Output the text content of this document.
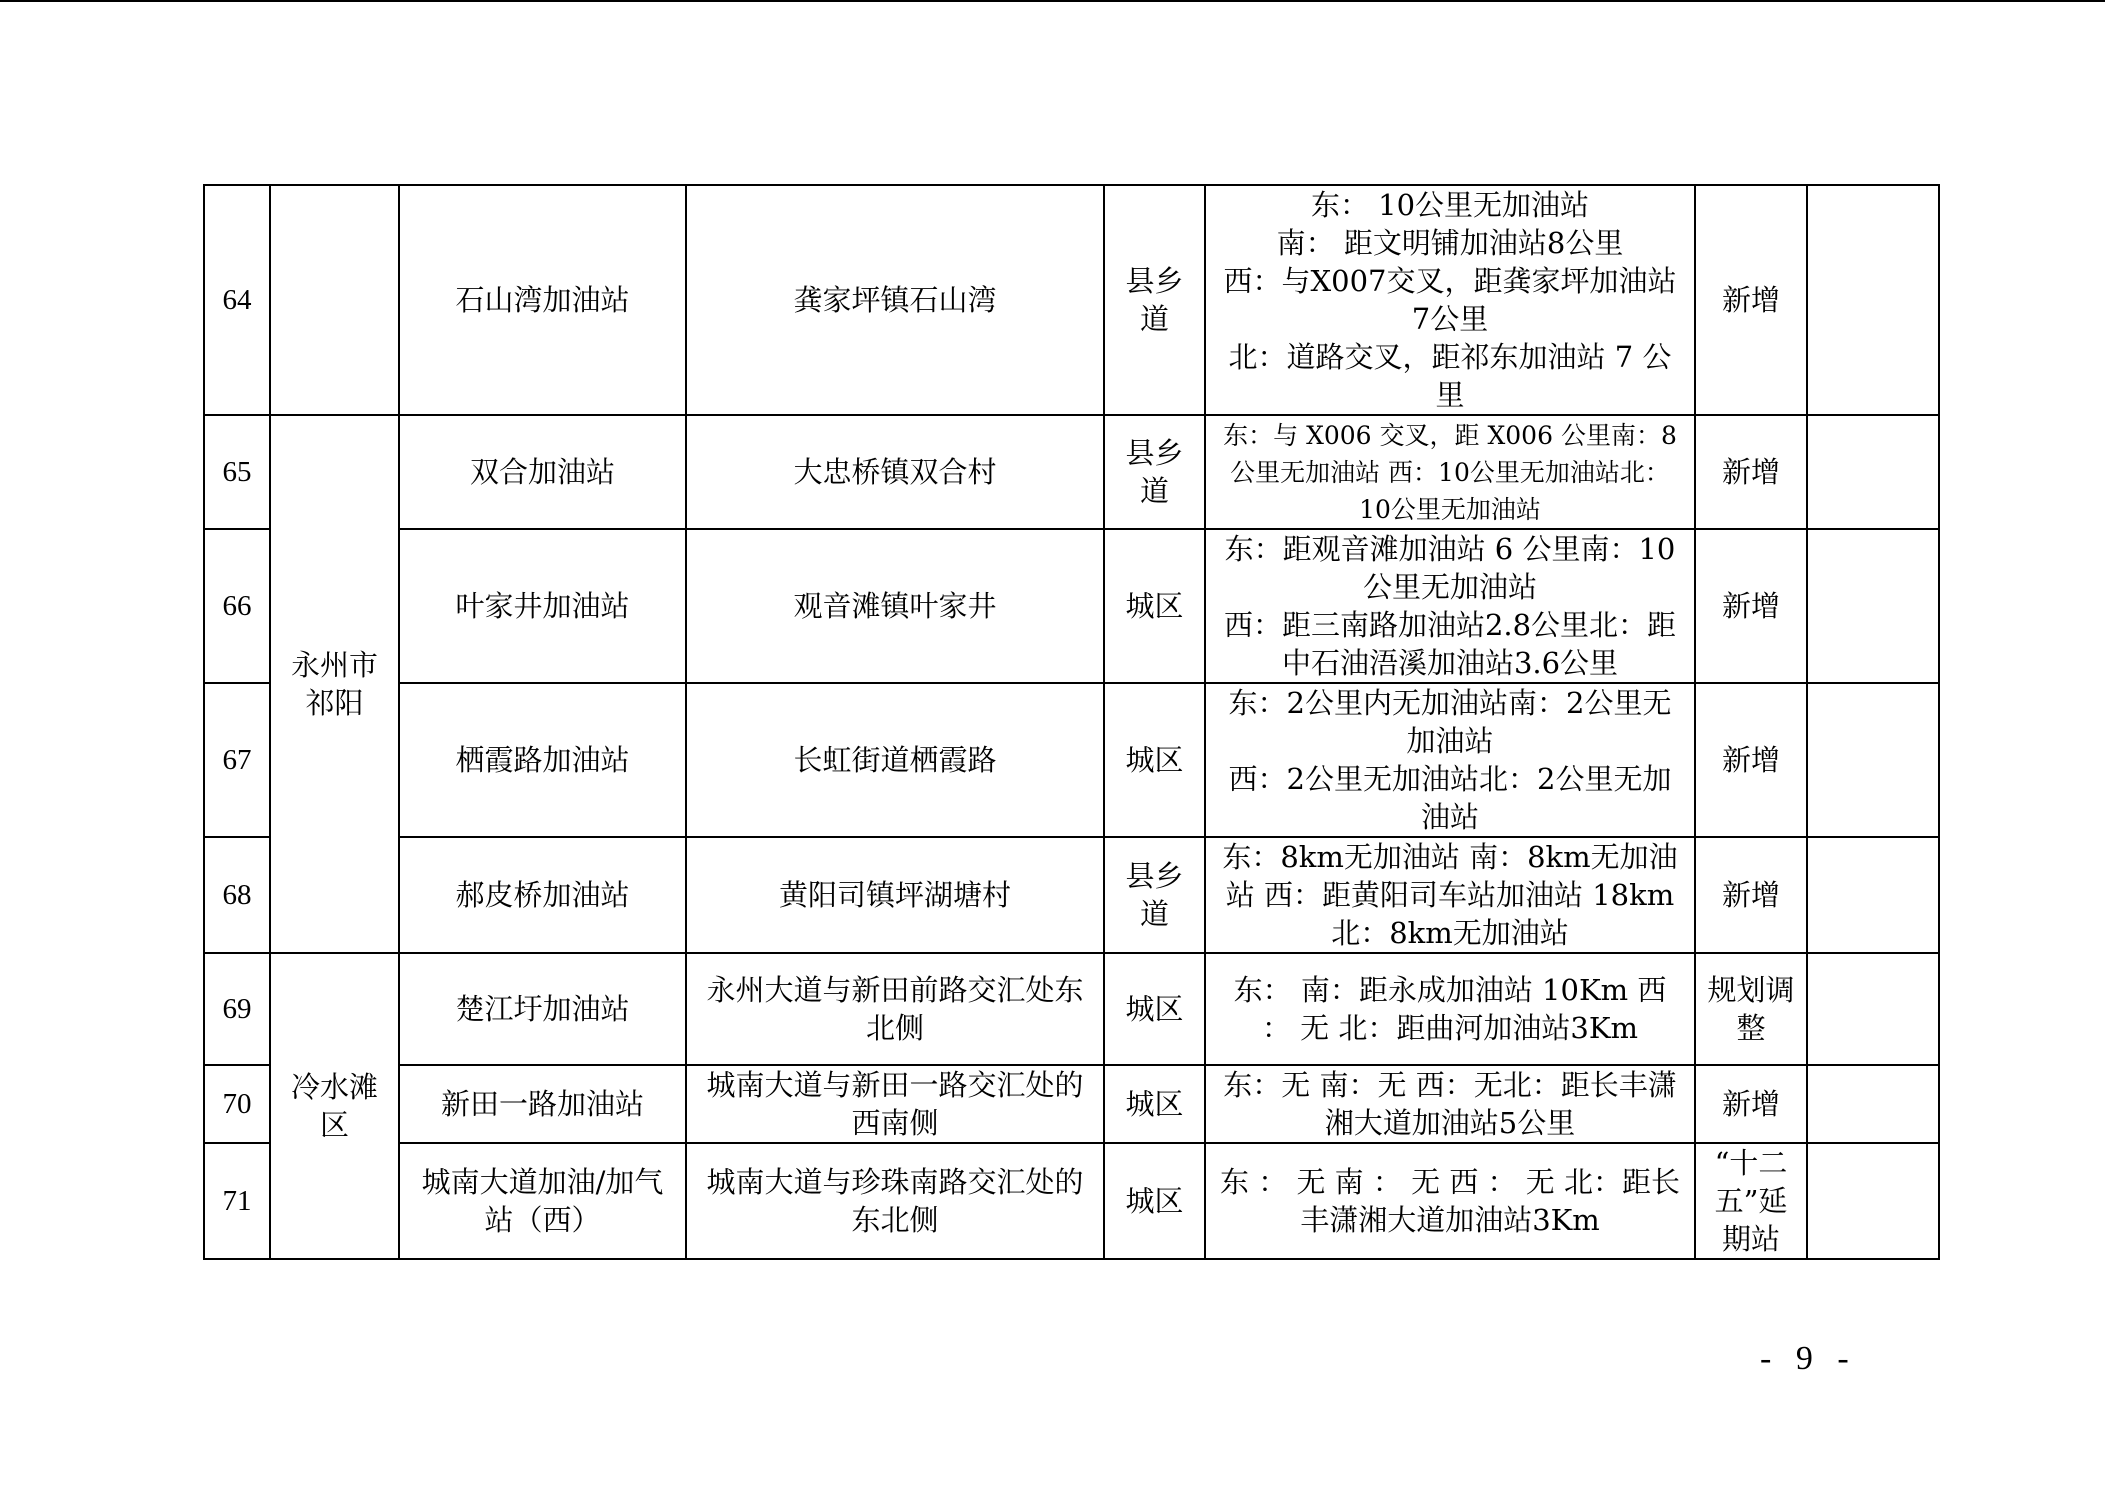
64		石山湾加油站	龚家坪镇石山湾	县乡道	东： 10公里无加油站
南： 距文明铺加油站8公里
西：与X007交叉，距龚家坪加油站7公里
北：道路交叉，距祁东加油站 7 公里	新增	
65	永州市祁阳	双合加油站	大忠桥镇双合村	县乡道	东：与 X006 交叉，距 X006 公里南：8 公里无加油站 西：10公里无加油站北：10公里无加油站	新增	
66		叶家井加油站	观音滩镇叶家井	城区	东：距观音滩加油站 6 公里南：10 公里无加油站
西：距三南路加油站2.8公里北：距中石油浯溪加油站3.6公里	新增	
67		栖霞路加油站	长虹街道栖霞路	城区	东：2公里内无加油站南：2公里无加油站
西：2公里无加油站北：2公里无加油站	新增	
68		郝皮桥加油站	黄阳司镇坪湖塘村	县乡道	东：8km无加油站 南：8km无加油站 西：距黄阳司车站加油站 18km 北：8km无加油站	新增	
69	冷水滩区	楚江圩加油站	永州大道与新田前路交汇处东北侧	城区	东： 南：距永成加油站 10Km 西 ： 无 北：距曲河加油站3Km	规划调整	
70		新田一路加油站	城南大道与新田一路交汇处的西南侧	城区	东：无 南：无 西：无北：距长丰潇湘大道加油站5公里	新增	
71		城南大道加油/加气站（西）	城南大道与珍珠南路交汇处的东北侧	城区	东 ： 无 南 ： 无 西 ： 无 北：距长丰潇湘大道加油站3Km	“十二五”延期站	
- 9 -
